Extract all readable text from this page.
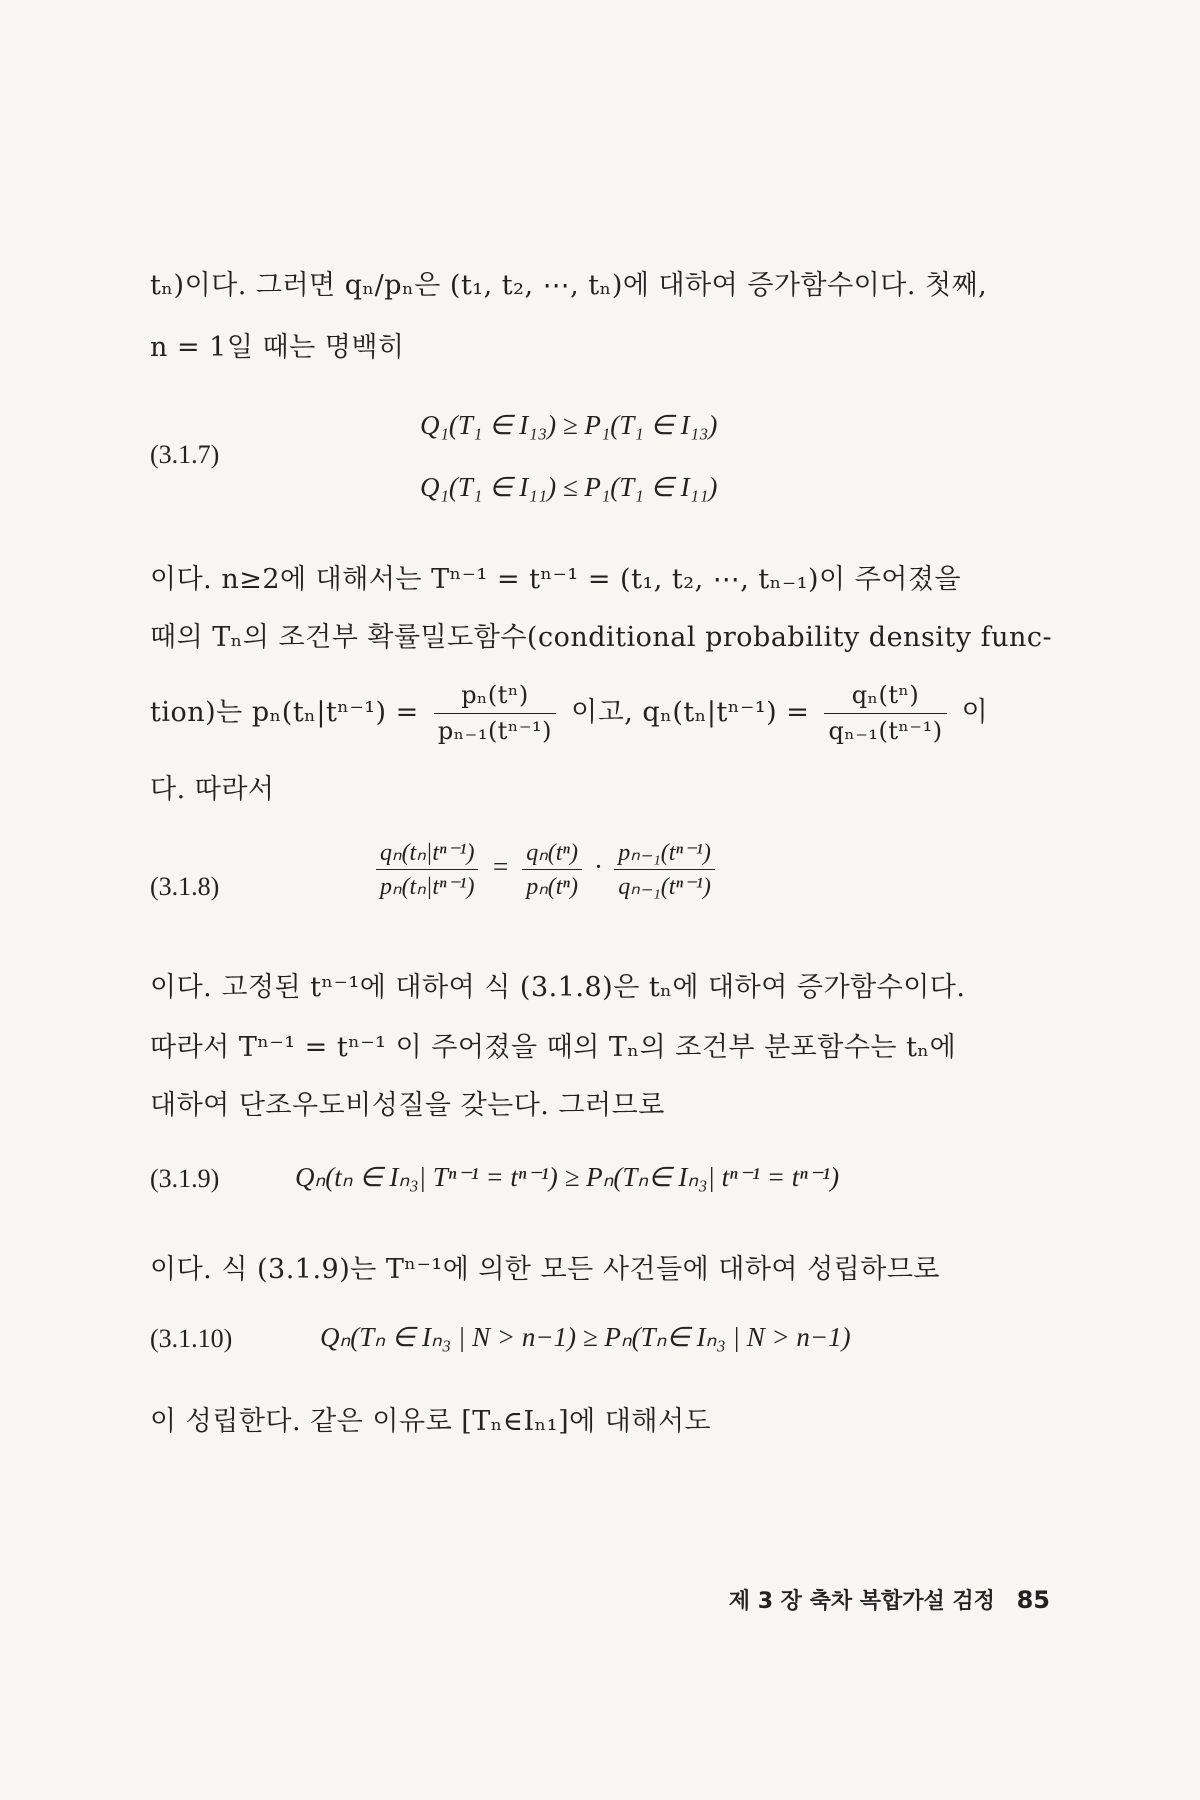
tₙ)이다. 그러면 qₙ/pₙ은 (t₁, t₂, ⋯, tₙ)에 대하여 증가함수이다. 첫째,
n = 1일 때는 명백히
(3.1.7)
Q₁(T₁ ∈ I₁₃) ≥ P₁(T₁ ∈ I₁₃)
Q₁(T₁ ∈ I₁₁) ≤ P₁(T₁ ∈ I₁₁)
이다. n≥2에 대해서는 Tⁿ⁻¹ = tⁿ⁻¹ = (t₁, t₂, ⋯, tₙ₋₁)이 주어졌을
때의 Tₙ의 조건부 확률밀도함수(conditional probability density func-
tion)는 $p_n(t_n|t^{n-1}) = \frac{\text{pₙ(tⁿ)}}{\text{pₙ₋₁(tⁿ⁻¹)}}$ 이고, $q_n(t_n|t^{n-1}) = \frac{\text{qₙ(tⁿ)}}{\text{qₙ₋₁(tⁿ⁻¹)}}$ 이
다. 따라서
(3.1.8)	$\frac{\text{qₙ(tₙ|tⁿ⁻¹)}}{\text{pₙ(tₙ|tⁿ⁻¹)}} = \frac{\text{qₙ(tⁿ)}}{\text{pₙ(tⁿ)}} \cdot \frac{\text{pₙ₋₁(tⁿ⁻¹)}}{\text{qₙ₋₁(tⁿ⁻¹)}}$
이다. 고정된 tⁿ⁻¹에 대하여 식 (3.1.8)은 tₙ에 대하여 증가함수이다.
따라서 Tⁿ⁻¹ = tⁿ⁻¹ 이 주어졌을 때의 Tₙ의 조건부 분포함수는 tₙ에
대하여 단조우도비성질을 갖는다. 그러므로
(3.1.9)	Qₙ(tₙ ∈ Iₙ₃| Tⁿ⁻¹ = tⁿ⁻¹) ≥ Pₙ(Tₙ∈ Iₙ₃| tⁿ⁻¹ = tⁿ⁻¹)
이다. 식 (3.1.9)는 Tⁿ⁻¹에 의한 모든 사건들에 대하여 성립하므로
(3.1.10)	Qₙ(Tₙ ∈ Iₙ₃ | N > n−1) ≥ Pₙ(Tₙ∈ Iₙ₃ | N > n−1)
이 성립한다. 같은 이유로 [Tₙ∈Iₙ₁]에 대해서도
제 3 장 축차 복합가설 검정 85
